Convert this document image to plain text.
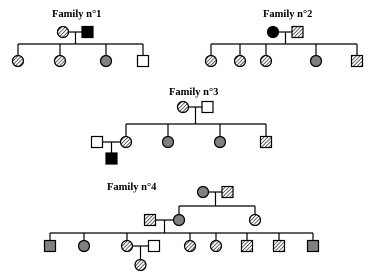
Family n°1	Family n°2
Family n°3
Family n°4
